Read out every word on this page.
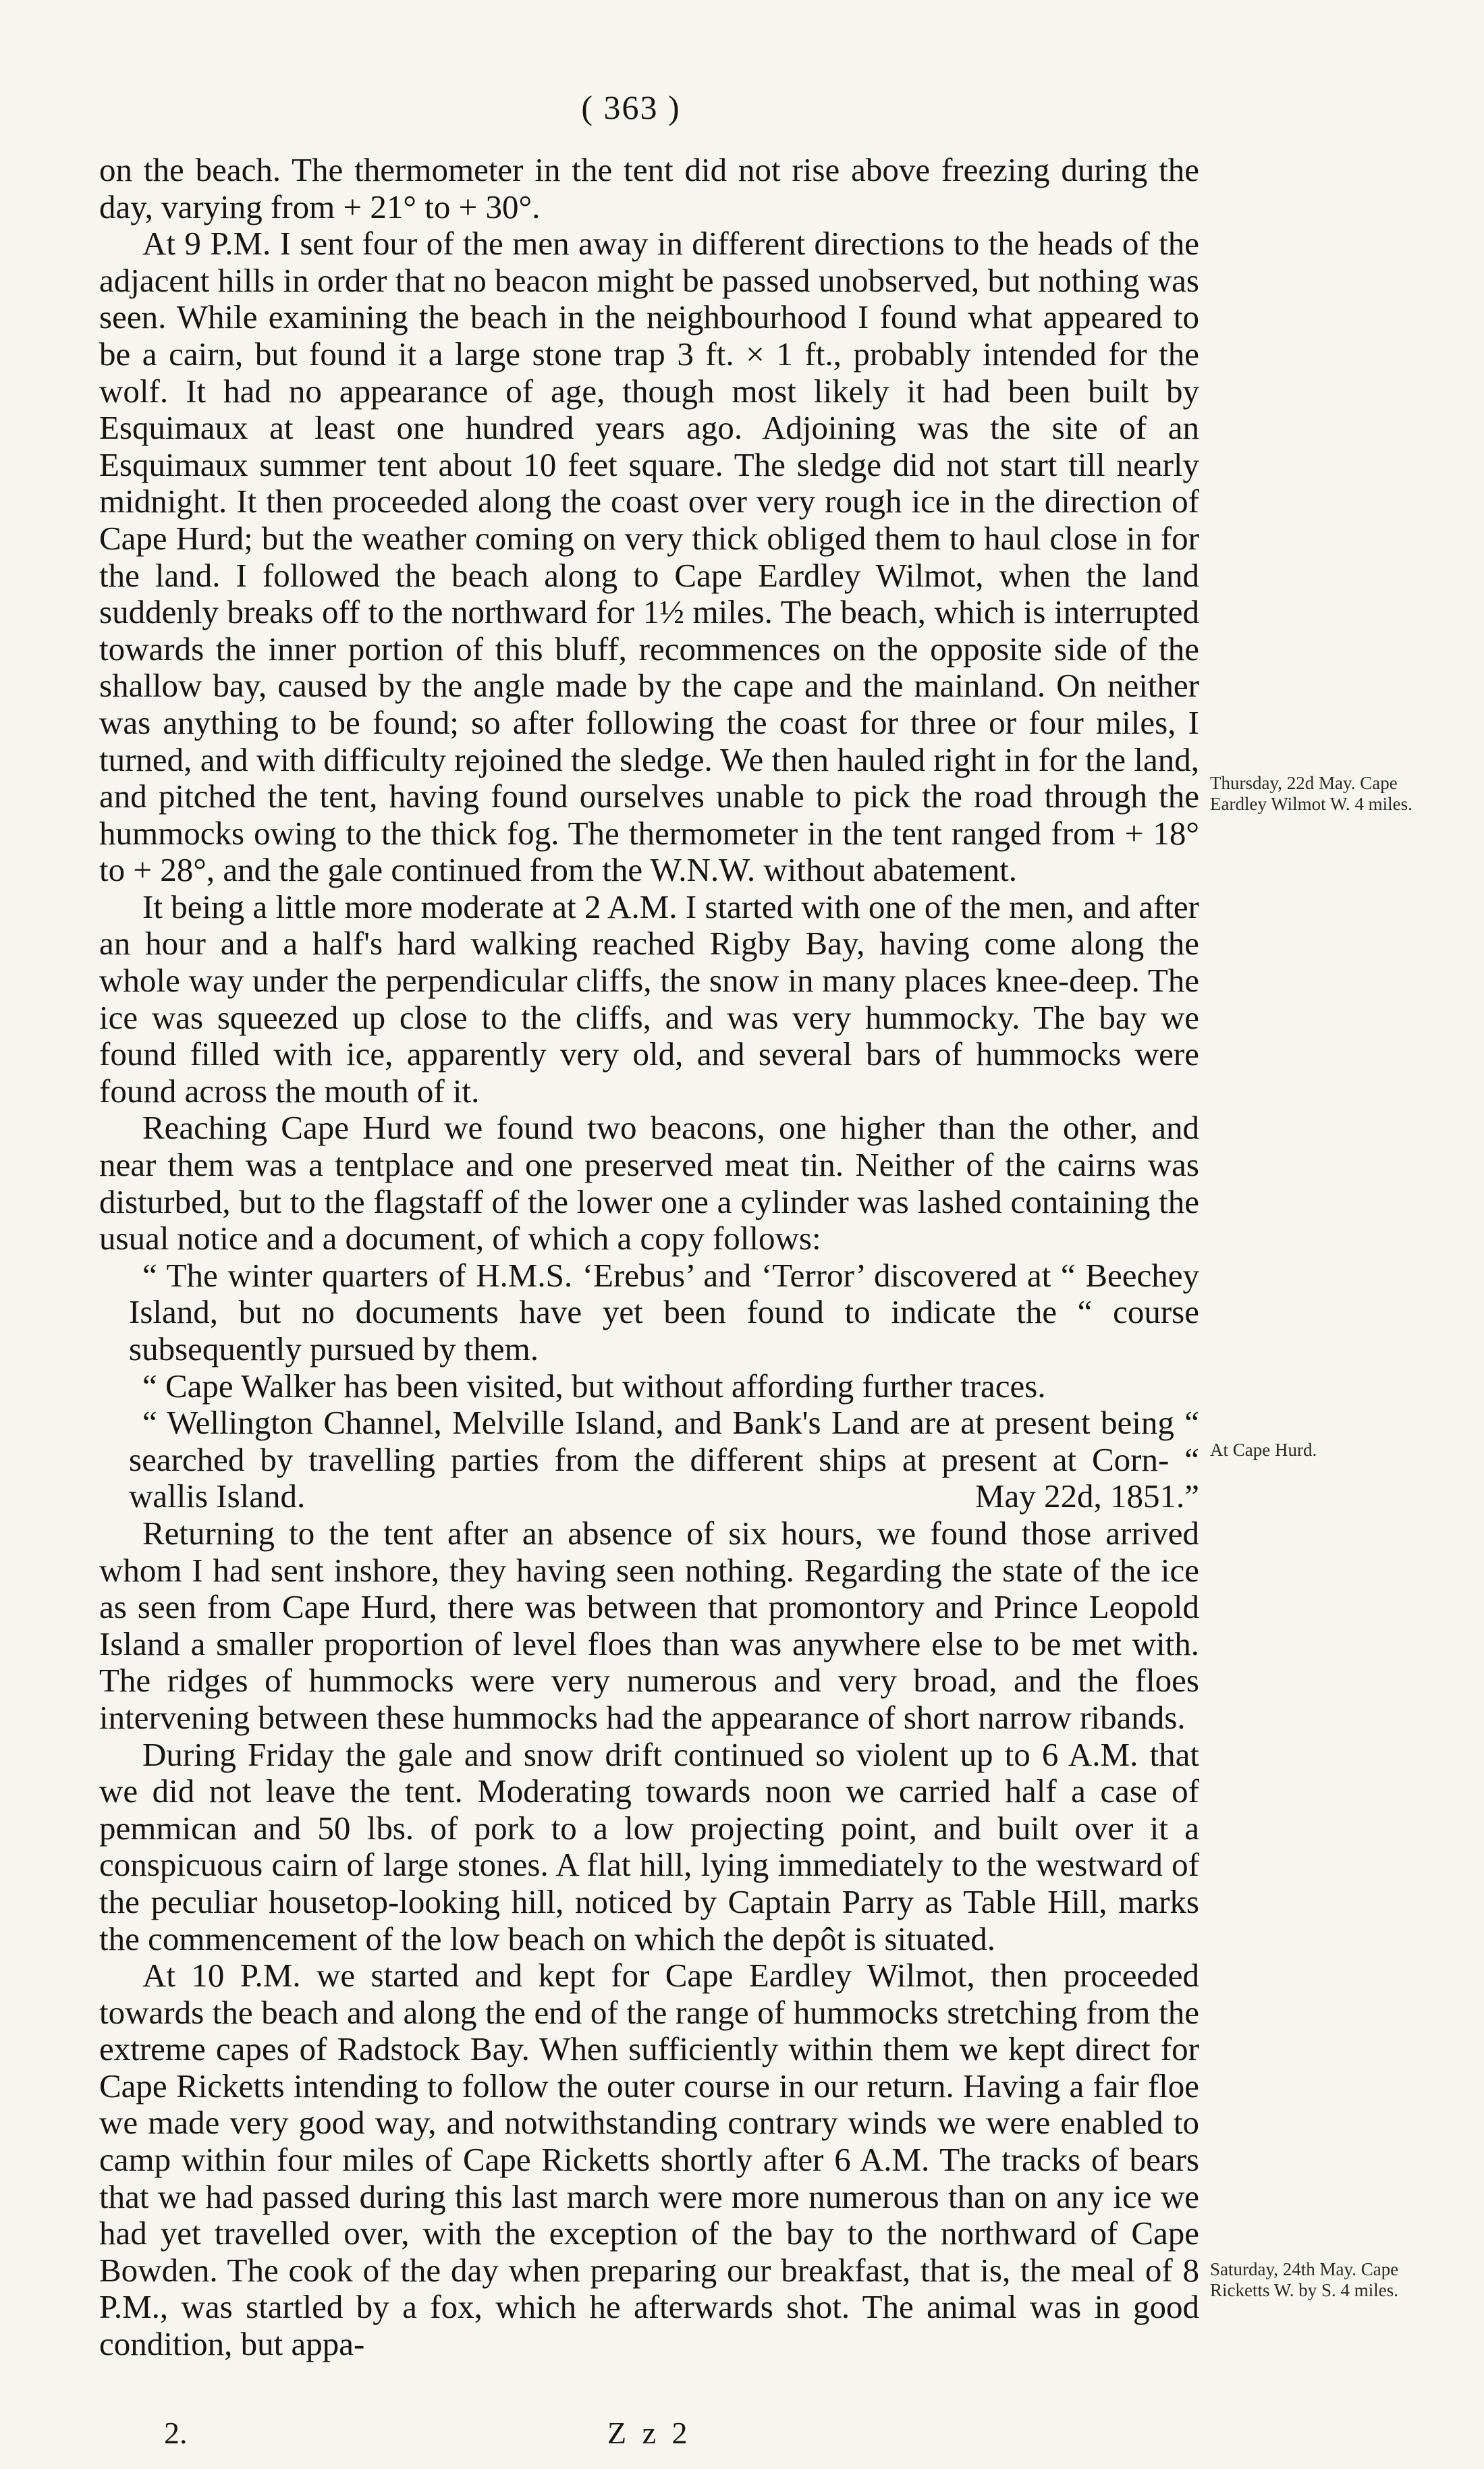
( 363 )

on the beach. The thermometer in the tent did not rise above freezing during the day, varying from + 21° to + 30°.

At 9 P.M. I sent four of the men away in different directions to the heads of the adjacent hills in order that no beacon might be passed unobserved, but nothing was seen. While examining the beach in the neighbourhood I found what appeared to be a cairn, but found it a large stone trap 3 ft. × 1 ft., probably intended for the wolf. It had no appearance of age, though most likely it had been built by Esquimaux at least one hundred years ago. Adjoining was the site of an Esquimaux summer tent about 10 feet square. The sledge did not start till nearly midnight. It then proceeded along the coast over very rough ice in the direction of Cape Hurd; but the weather coming on very thick obliged them to haul close in for the land. I followed the beach along to Cape Eardley Wilmot, when the land suddenly breaks off to the northward for 1½ miles. The beach, which is interrupted towards the inner portion of this bluff, recommences on the opposite side of the shallow bay, caused by the angle made by the cape and the mainland. On neither was anything to be found; so after following the coast for three or four miles, I turned, and with difficulty rejoined the sledge. We then hauled right in for the land, and pitched the tent, having found ourselves unable to pick the road through the hummocks owing to the thick fog. The thermometer in the tent ranged from + 18° to + 28°, and the gale continued from the W.N.W. without abatement.

It being a little more moderate at 2 A.M. I started with one of the men, and after an hour and a half's hard walking reached Rigby Bay, having come along the whole way under the perpendicular cliffs, the snow in many places knee-deep. The ice was squeezed up close to the cliffs, and was very hummocky. The bay we found filled with ice, apparently very old, and several bars of hummocks were found across the mouth of it.

Reaching Cape Hurd we found two beacons, one higher than the other, and near them was a tentplace and one preserved meat tin. Neither of the cairns was disturbed, but to the flagstaff of the lower one a cylinder was lashed containing the usual notice and a document, of which a copy follows:

“ The winter quarters of H.M.S. ‘Erebus’ and ‘Terror’ discovered at “ Beechey Island, but no documents have yet been found to indicate the “ course subsequently pursued by them.

“ Cape Walker has been visited, but without affording further traces.

“ Wellington Channel, Melville Island, and Bank's Land are at present being “ searched by travelling parties from the different ships at present at Corn- “ wallis Island.	May 22d, 1851.”

Returning to the tent after an absence of six hours, we found those arrived whom I had sent inshore, they having seen nothing. Regarding the state of the ice as seen from Cape Hurd, there was between that promontory and Prince Leopold Island a smaller proportion of level floes than was anywhere else to be met with. The ridges of hummocks were very numerous and very broad, and the floes intervening between these hummocks had the appearance of short narrow ribands.

During Friday the gale and snow drift continued so violent up to 6 A.M. that we did not leave the tent. Moderating towards noon we carried half a case of pemmican and 50 lbs. of pork to a low projecting point, and built over it a conspicuous cairn of large stones. A flat hill, lying immediately to the westward of the peculiar housetop-looking hill, noticed by Captain Parry as Table Hill, marks the commencement of the low beach on which the depôt is situated.

At 10 P.M. we started and kept for Cape Eardley Wilmot, then proceeded towards the beach and along the end of the range of hummocks stretching from the extreme capes of Radstock Bay. When sufficiently within them we kept direct for Cape Ricketts intending to follow the outer course in our return. Having a fair floe we made very good way, and notwithstanding contrary winds we were enabled to camp within four miles of Cape Ricketts shortly after 6 A.M. The tracks of bears that we had passed during this last march were more numerous than on any ice we had yet travelled over, with the exception of the bay to the northward of Cape Bowden. The cook of the day when preparing our breakfast, that is, the meal of 8 P.M., was startled by a fox, which he afterwards shot. The animal was in good condition, but appa-

Thursday, 22d May. Cape Eardley Wilmot W. 4 miles.
At Cape Hurd.
Saturday, 24th May. Cape Ricketts W. by S. 4 miles.
2.	Z z 2
